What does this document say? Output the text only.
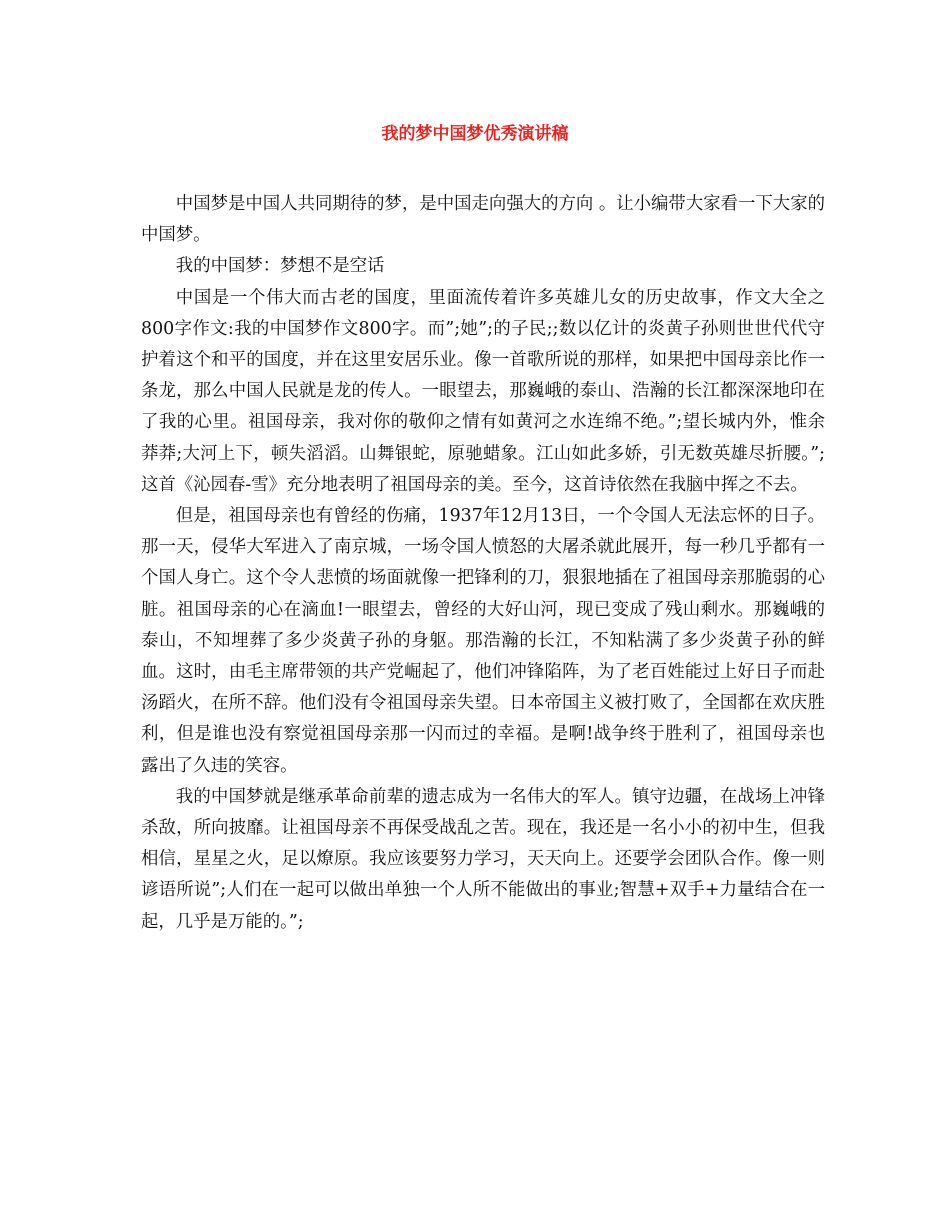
我的梦中国梦优秀演讲稿

中国梦是中国人共同期待的梦，是中国走向强大的方向 。让小编带大家看一下大家的中国梦。

我的中国梦：梦想不是空话

中国是一个伟大而古老的国度，里面流传着许多英雄儿女的历史故事，作文大全之800字作文:我的中国梦作文800字。而”;她”;的子民;;数以亿计的炎黄子孙则世世代代守护着这个和平的国度，并在这里安居乐业。像一首歌所说的那样，如果把中国母亲比作一条龙，那么中国人民就是龙的传人。一眼望去，那巍峨的泰山、浩瀚的长江都深深地印在了我的心里。祖国母亲，我对你的敬仰之情有如黄河之水连绵不绝。”;望长城内外，惟余莽莽;大河上下，顿失滔滔。山舞银蛇，原驰蜡象。江山如此多娇，引无数英雄尽折腰。”;这首《沁园春-雪》充分地表明了祖国母亲的美。至今，这首诗依然在我脑中挥之不去。

但是，祖国母亲也有曾经的伤痛，1937年12月13日，一个令国人无法忘怀的日子。那一天，侵华大军进入了南京城，一场令国人愤怒的大屠杀就此展开，每一秒几乎都有一个国人身亡。这个令人悲愤的场面就像一把锋利的刀，狠狠地插在了祖国母亲那脆弱的心脏。祖国母亲的心在滴血!一眼望去，曾经的大好山河，现已变成了残山剩水。那巍峨的泰山，不知埋葬了多少炎黄子孙的身躯。那浩瀚的长江，不知粘满了多少炎黄子孙的鲜血。这时，由毛主席带领的共产党崛起了，他们冲锋陷阵，为了老百姓能过上好日子而赴汤蹈火，在所不辞。他们没有令祖国母亲失望。日本帝国主义被打败了，全国都在欢庆胜利，但是谁也没有察觉祖国母亲那一闪而过的幸福。是啊!战争终于胜利了，祖国母亲也露出了久违的笑容。

我的中国梦就是继承革命前辈的遗志成为一名伟大的军人。镇守边疆，在战场上冲锋杀敌，所向披靡。让祖国母亲不再保受战乱之苦。现在，我还是一名小小的初中生，但我相信，星星之火，足以燎原。我应该要努力学习，天天向上。还要学会团队合作。像一则谚语所说”;人们在一起可以做出单独一个人所不能做出的事业;智慧+双手+力量结合在一起，几乎是万能的。”;
